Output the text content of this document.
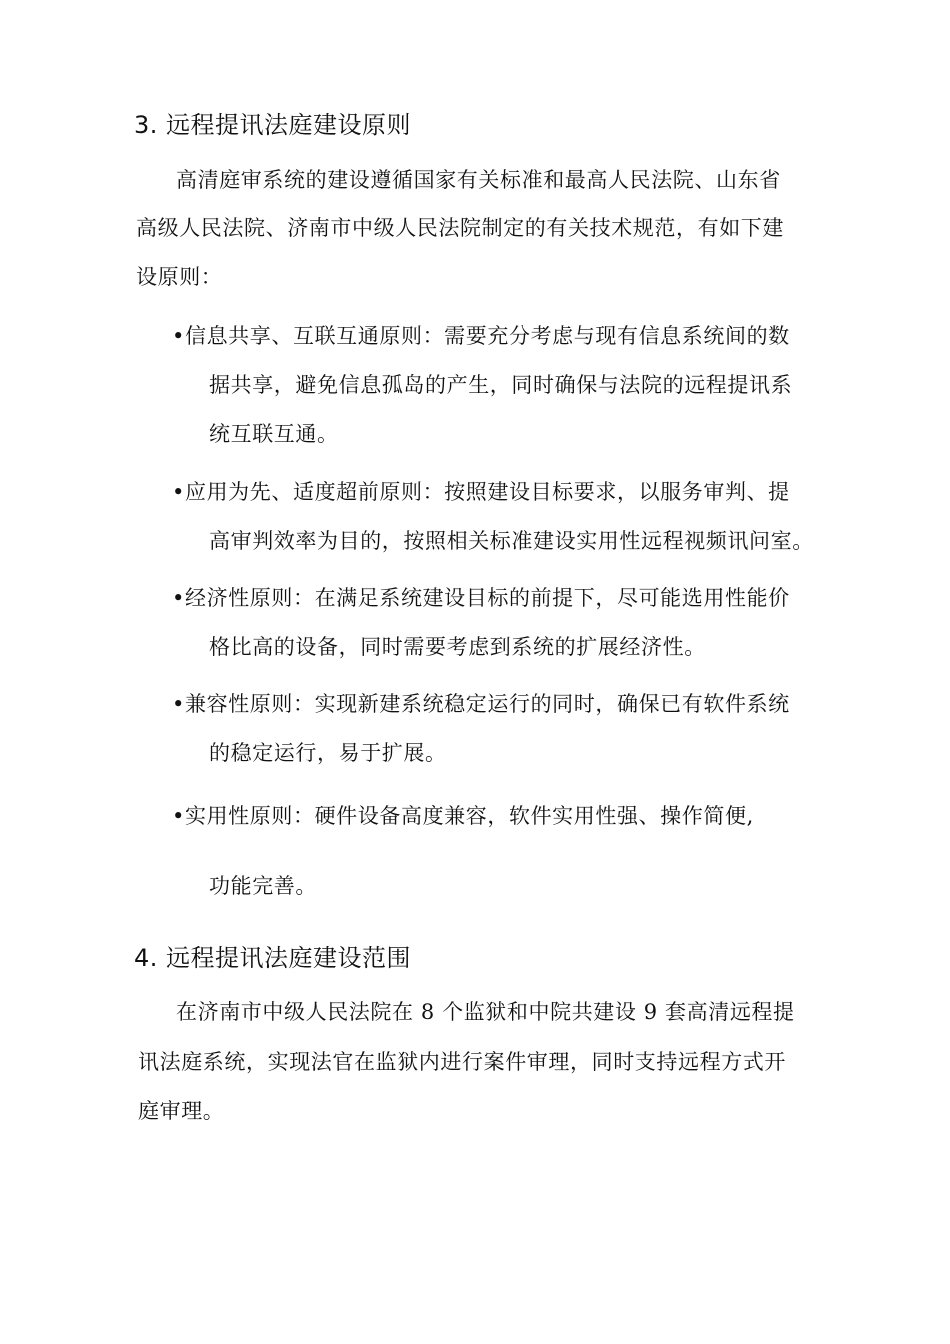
3. 远程提讯法庭建设原则
高清庭审系统的建设遵循国家有关标准和最高人民法院、山东省
高级人民法院、济南市中级人民法院制定的有关技术规范，有如下建
设原则：
•信息共享、互联互通原则：需要充分考虑与现有信息系统间的数
据共享，避免信息孤岛的产生，同时确保与法院的远程提讯系
统互联互通。
•应用为先、适度超前原则：按照建设目标要求，以服务审判、提
高审判效率为目的，按照相关标准建设实用性远程视频讯问室。
•经济性原则：在满足系统建设目标的前提下，尽可能选用性能价
格比高的设备，同时需要考虑到系统的扩展经济性。
•兼容性原则：实现新建系统稳定运行的同时，确保已有软件系统
的稳定运行，易于扩展。
•实用性原则：硬件设备高度兼容，软件实用性强、操作简便,
功能完善。
4. 远程提讯法庭建设范围
在济南市中级人民法院在 8 个监狱和中院共建设 9 套高清远程提
讯法庭系统，实现法官在监狱内进行案件审理，同时支持远程方式开
庭审理。
